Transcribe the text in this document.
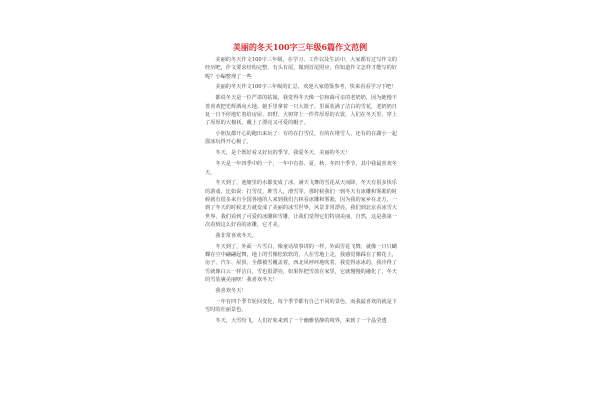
美丽的冬天100字三年级6篇作文范例

美丽的冬天作文100字三年级，在学习、工作以及生活中，大家都有过写作文的经历吧，作文要求结构完整，有头有尾，做到首尾照应，你知道作文怎样才能写的好呢？小编整理了一些

美丽的冬天作文100字三年级的汇总，欢迎大家借鉴参考，快来看看学习下吧！

都说冬天是一位严肃的姑娘，我觉得冬天像一位和蔼可亲的老奶奶，因为她慢不善喜欢把光辉洒向大地。她手里拿着一只大篮子，里面装满了洁白的雪花，老奶奶日复一日不停地忙着给房屋、田野、大树穿上一件件厚厚的衣裳，人们在冬天里，穿上了厚厚的大棉袄，戴上了漂亮又可爱的帽子。

小朋友都开心的跑出来玩了：有的在打雪仗，有的在堆雪人，还有的在湖小一起溜冰玩得开心极了。

冬天，是个既好看又好玩的季节，我爱冬天，美丽的冬天！

冬天是一年四季中的一个，一年中有春、夏、秋、冬四个季节，其中我最喜欢冬天。

冬天到了，池塘里的水都变成了冰，满天飞舞的雪花从天而降，冬天有很多快乐的游戏，比如说：打雪仗，堆雪人，滑雪等。那时候我们一到冬天有冰雕和雾凇的时候就有很多来自全国各地的人来到我们吉林看冰雕和雾凇，因为我的家乡在北方，一到了冬天的时候北方就变成了美丽的冰雪世界，风景非常漂亮，我们到北京看冰雪大世界，我们看到了可爱的冰雕和雪雕，让我们觉得它们特别美丽，自然，这是我第一次看到这么好看的冰雕，它才美。

我非常喜欢冬天。

冬天到了，外面一片雪白，像童话故事讲的一样，外面雪花飞舞，就像一只只蝴蝶在空中翩翩起舞，地上的雪像松软软的，人在雪地上走，我感觉像踩在了棉花上，房子、汽车、屋顶、全都被雪覆盖着，西北风呼呼地吹着，我觉得冰冰的，我冷得了雪就像白云一样洁白，雪也很漂亮，如果你把雪放在家里，它就慢慢的融化了，冬天的雪装裹美丽呀！我喜欢冬天！

我喜欢冬天！

一年有四个季节轮回变化，每个季节都有自己不同的景色，而我最喜欢的就是下雪时的壮丽景色。

冬天，大雪纷飞，人们好象来到了一个幽雅恬静的境界，来到了一个晶莹透
